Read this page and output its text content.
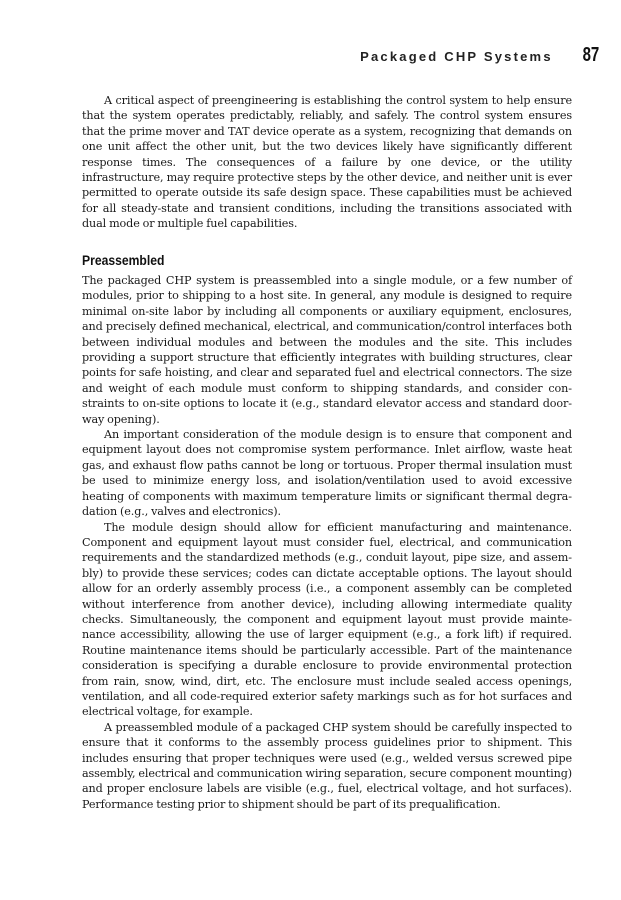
Packaged CHP Systems 87

A critical aspect of preengineering is establishing the control system to help ensure that the system operates predictably, reliably, and safely. The control system ensures that the prime mover and TAT device operate as a system, recognizing that demands on one unit affect the other unit, but the two devices likely have significantly different response times. The consequences of a failure by one device, or the utility infrastructure, may require protective steps by the other device, and neither unit is ever permitted to operate outside its safe design space. These capabilities must be achieved for all steady-state and transient conditions, including the transitions associated with dual mode or multiple fuel capabilities.

Preassembled

The packaged CHP system is preassembled into a single module, or a few number of modules, prior to shipping to a host site. In general, any module is designed to require minimal on-site labor by including all components or auxiliary equipment, enclosures, and precisely defined mechanical, electrical, and communication/control interfaces both between individual modules and between the modules and the site. This includes providing a support structure that efficiently integrates with building structures, clear points for safe hoisting, and clear and separated fuel and electrical connectors. The size and weight of each module must conform to shipping standards, and consider constraints to on-site options to locate it (e.g., standard elevator access and standard doorway opening).

An important consideration of the module design is to ensure that component and equipment layout does not compromise system performance. Inlet airflow, waste heat gas, and exhaust flow paths cannot be long or tortuous. Proper thermal insulation must be used to minimize energy loss, and isolation/ventilation used to avoid excessive heating of components with maximum temperature limits or significant thermal degradation (e.g., valves and electronics).

The module design should allow for efficient manufacturing and maintenance. Component and equipment layout must consider fuel, electrical, and communication requirements and the standardized methods (e.g., conduit layout, pipe size, and assembly) to provide these services; codes can dictate acceptable options. The layout should allow for an orderly assembly process (i.e., a component assembly can be completed without interference from another device), including allowing intermediate quality checks. Simultaneously, the component and equipment layout must provide maintenance accessibility, allowing the use of larger equipment (e.g., a fork lift) if required. Routine maintenance items should be particularly accessible. Part of the maintenance consideration is specifying a durable enclosure to provide environmental protection from rain, snow, wind, dirt, etc. The enclosure must include sealed access openings, ventilation, and all code-required exterior safety markings such as for hot surfaces and electrical voltage, for example.

A preassembled module of a packaged CHP system should be carefully inspected to ensure that it conforms to the assembly process guidelines prior to shipment. This includes ensuring that proper techniques were used (e.g., welded versus screwed pipe assembly, electrical and communication wiring separation, secure component mounting) and proper enclosure labels are visible (e.g., fuel, electrical voltage, and hot surfaces). Performance testing prior to shipment should be part of its prequalification.
